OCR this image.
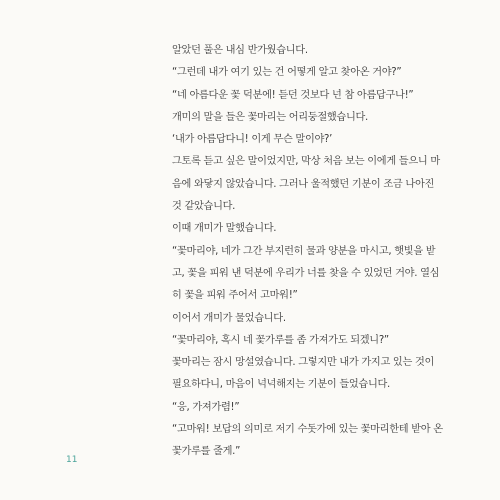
알았던 풀은 내심 반가웠습니다.
“그런데 내가 여기 있는 건 어떻게 알고 찾아온 거야?”
“네 아름다운 꽃 덕분에! 듣던 것보다 넌 참 아름답구나!”
개미의 말을 들은 꽃마리는 어리둥절했습니다.
‘내가 아름답다니! 이게 무슨 말이야?’
그토록 듣고 싶은 말이었지만, 막상 처음 보는 이에게 들으니 마
음에 와닿지 않았습니다. 그러나 울적했던 기분이 조금 나아진
것 같았습니다.
이때 개미가 말했습니다.
“꽃마리야, 네가 그간 부지런히 물과 양분을 마시고, 햇빛을 받
고, 꽃을 피워 낸 덕분에 우리가 너를 찾을 수 있었던 거야. 열심
히 꽃을 피워 주어서 고마워!”
이어서 개미가 물었습니다.
“꽃마리야, 혹시 네 꽃가루를 좀 가져가도 되겠니?”
꽃마리는 잠시 망설였습니다. 그렇지만 내가 가지고 있는 것이
필요하다니, 마음이 넉넉해지는 기분이 들었습니다.
“응, 가져가렴!”
“고마워! 보답의 의미로 저기 수돗가에 있는 꽃마리한테 받아 온
꽃가루를 줄게.”
11
